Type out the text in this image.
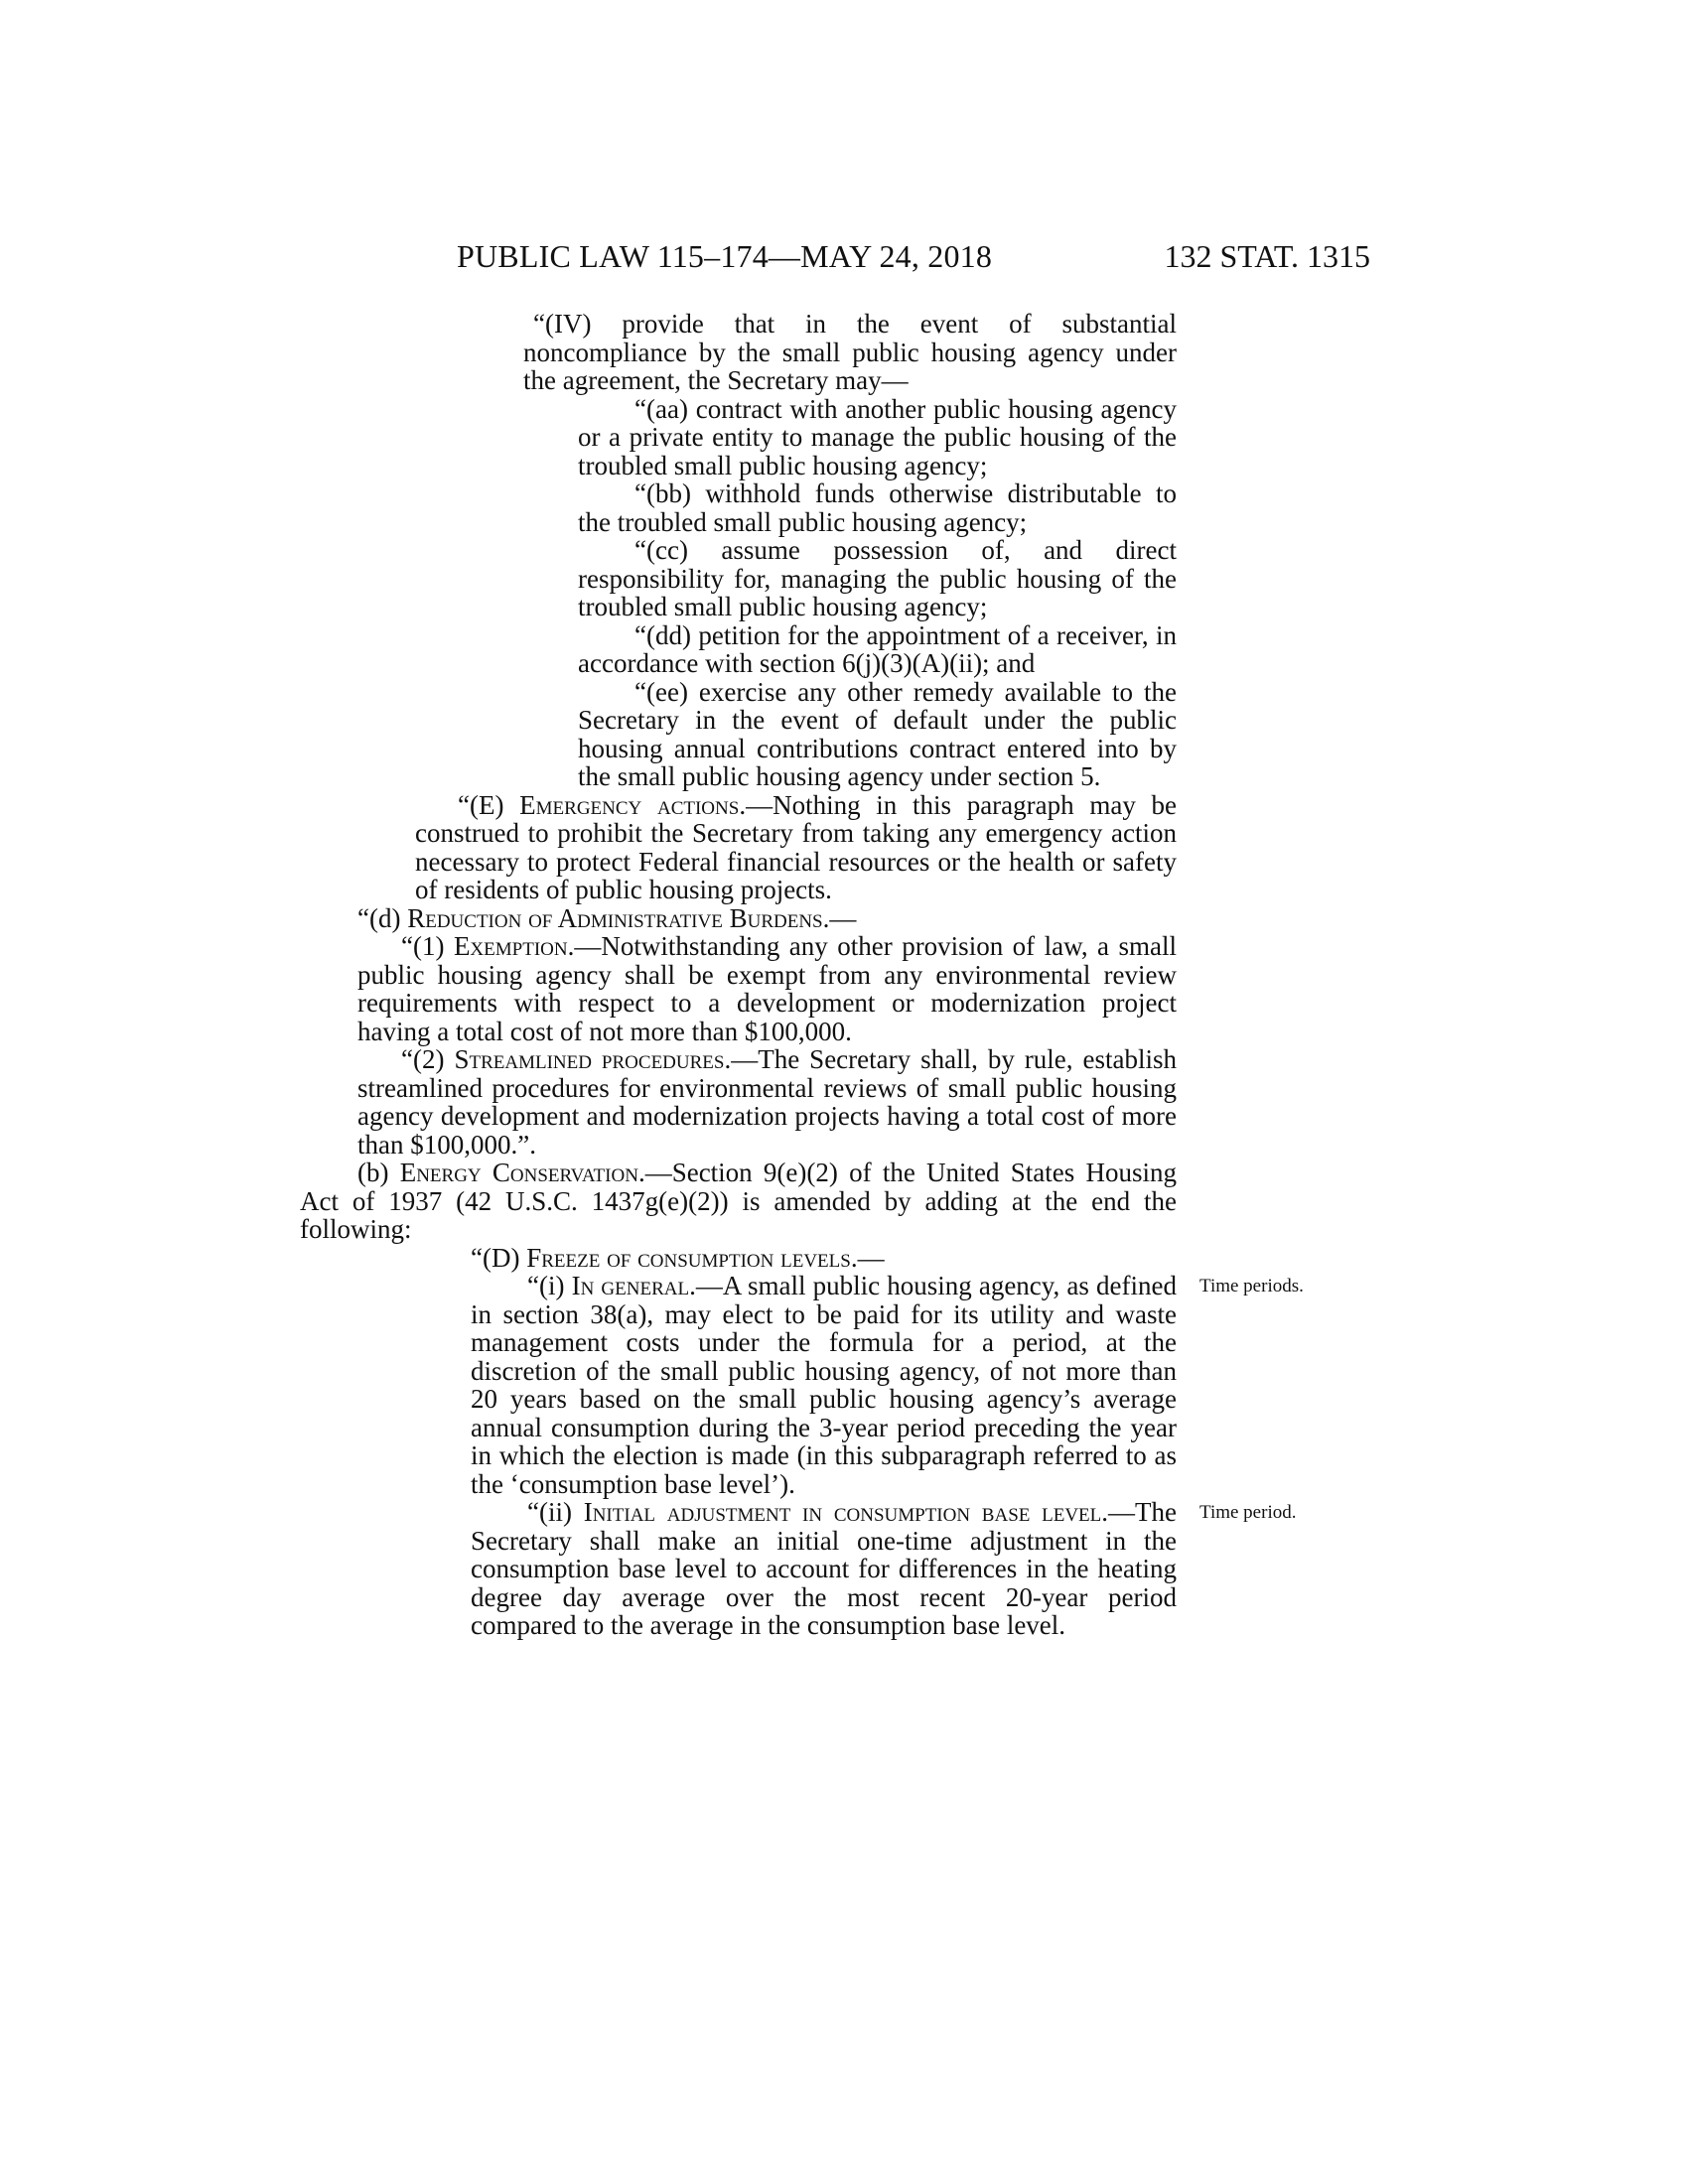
PUBLIC LAW 115–174—MAY 24, 2018	132 STAT. 1315

“(IV) provide that in the event of substantial noncompliance by the small public housing agency under the agreement, the Secretary may—

“(aa) contract with another public housing agency or a private entity to manage the public housing of the troubled small public housing agency;

“(bb) withhold funds otherwise distributable to the troubled small public housing agency;

“(cc) assume possession of, and direct responsibility for, managing the public housing of the troubled small public housing agency;

“(dd) petition for the appointment of a receiver, in accordance with section 6(j)(3)(A)(ii); and

“(ee) exercise any other remedy available to the Secretary in the event of default under the public housing annual contributions contract entered into by the small public housing agency under section 5.

“(E) Emergency actions.—Nothing in this paragraph may be construed to prohibit the Secretary from taking any emergency action necessary to protect Federal financial resources or the health or safety of residents of public housing projects.

“(d) Reduction of Administrative Burdens.—

“(1) Exemption.—Notwithstanding any other provision of law, a small public housing agency shall be exempt from any environmental review requirements with respect to a development or modernization project having a total cost of not more than $100,000.

“(2) Streamlined procedures.—The Secretary shall, by rule, establish streamlined procedures for environmental reviews of small public housing agency development and modernization projects having a total cost of more than $100,000.”.

(b) Energy Conservation.—Section 9(e)(2) of the United States Housing Act of 1937 (42 U.S.C. 1437g(e)(2)) is amended by adding at the end the following:

“(D) Freeze of consumption levels.—

Time periods.

“(i) In general.—A small public housing agency, as defined in section 38(a), may elect to be paid for its utility and waste management costs under the formula for a period, at the discretion of the small public housing agency, of not more than 20 years based on the small public housing agency’s average annual consumption during the 3-year period preceding the year in which the election is made (in this subparagraph referred to as the ‘consumption base level’).

Time period.

“(ii) Initial adjustment in consumption base level.—The Secretary shall make an initial one-time adjustment in the consumption base level to account for differences in the heating degree day average over the most recent 20-year period compared to the average in the consumption base level.
